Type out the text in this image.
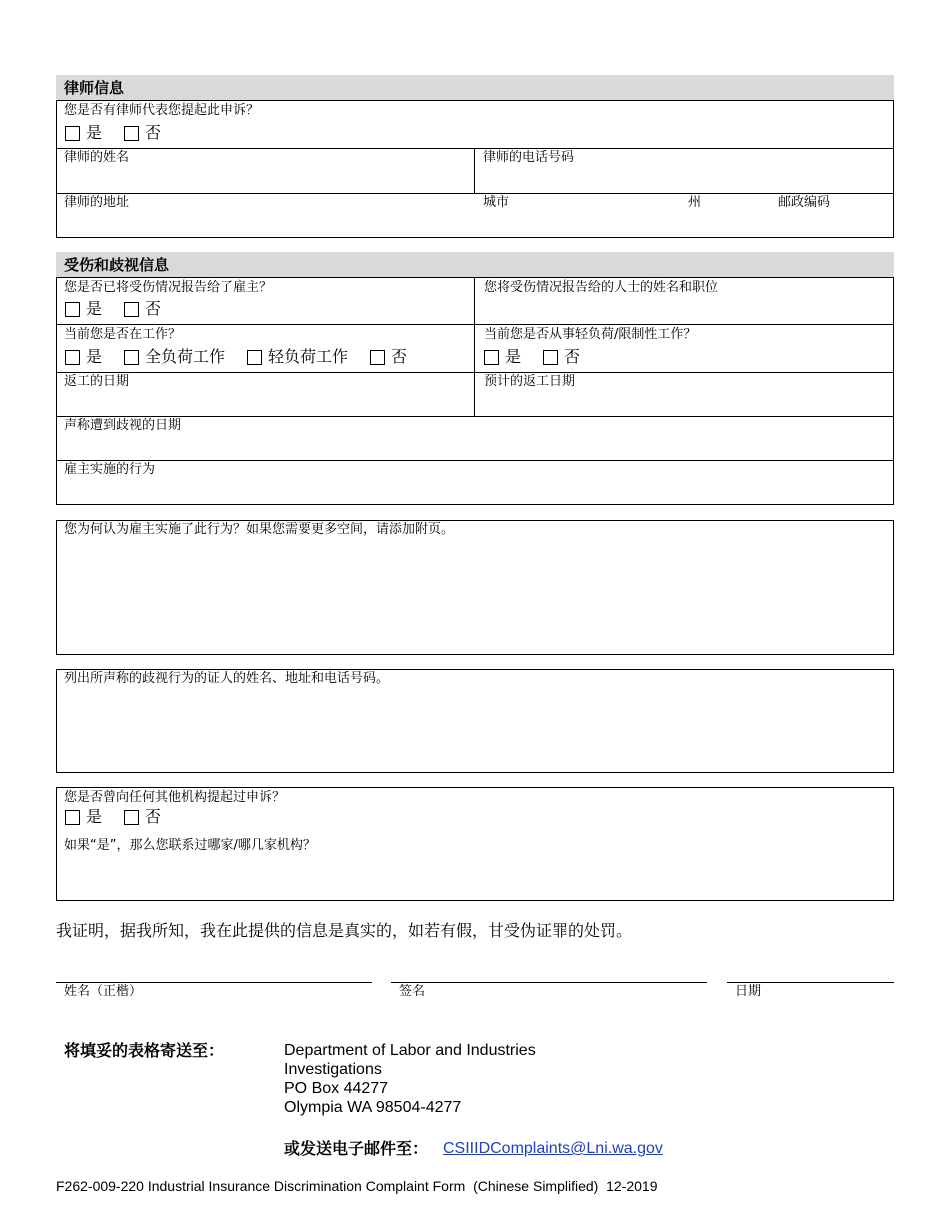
律师信息
您是否有律师代表您提起此申诉？
是	否
律师的姓名	律师的电话号码
律师的地址	城市	州	邮政编码
受伤和歧视信息
您是否已将受伤情况报告给了雇主？
是	否
您将受伤情况报告给的人士的姓名和职位
当前您是否在工作？
是	全负荷工作	轻负荷工作	否
当前您是否从事轻负荷/限制性工作？
是	否
返工的日期	预计的返工日期
声称遭到歧视的日期
雇主实施的行为
您为何认为雇主实施了此行为？如果您需要更多空间，请添加附页。
列出所声称的歧视行为的证人的姓名、地址和电话号码。
您是否曾向任何其他机构提起过申诉？
是	否
如果“是”，那么您联系过哪家/哪几家机构？
我证明，据我所知，我在此提供的信息是真实的，如若有假，甘受伪证罪的处罚。
姓名（正楷）	签名	日期
将填妥的表格寄送至：	Department of Labor and Industries
Investigations
PO Box 44277
Olympia WA 98504-4277
或发送电子邮件至： CSIIIDComplaints@Lni.wa.gov
F262-009-220 Industrial Insurance Discrimination Complaint Form  (Chinese Simplified)  12-2019
